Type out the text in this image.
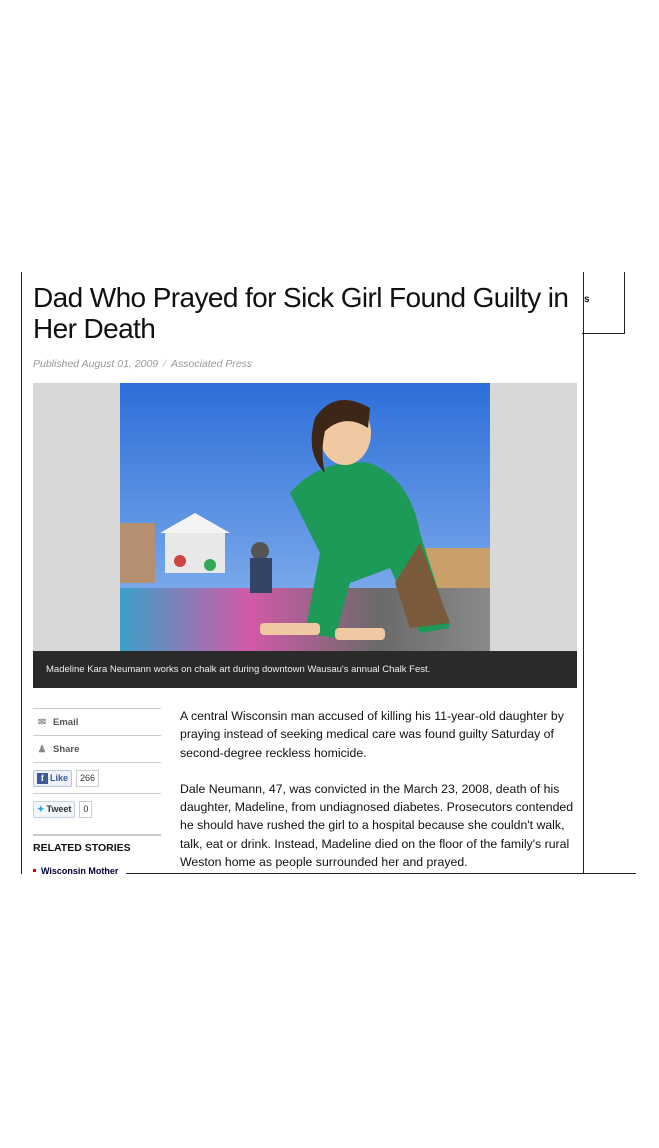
Dad Who Prayed for Sick Girl Found Guilty in Her Death
Published August 01, 2009 / Associated Press
Madeline Kara Neumann works on chalk art during downtown Wausau's annual Chalk Fest.
✉ Email
♟ Share
f Like	266
✦ Tweet	0
RELATED STORIES
Wisconsin Mother

A central Wisconsin man accused of killing his 11-year-old daughter by praying instead of seeking medical care was found guilty Saturday of second-degree reckless homicide.

Dale Neumann, 47, was convicted in the March 23, 2008, death of his daughter, Madeline, from undiagnosed diabetes. Prosecutors contended he should have rushed the girl to a hospital because she couldn't walk, talk, eat or drink. Instead, Madeline died on the floor of the family's rural Weston home as people surrounded her and prayed.

s
